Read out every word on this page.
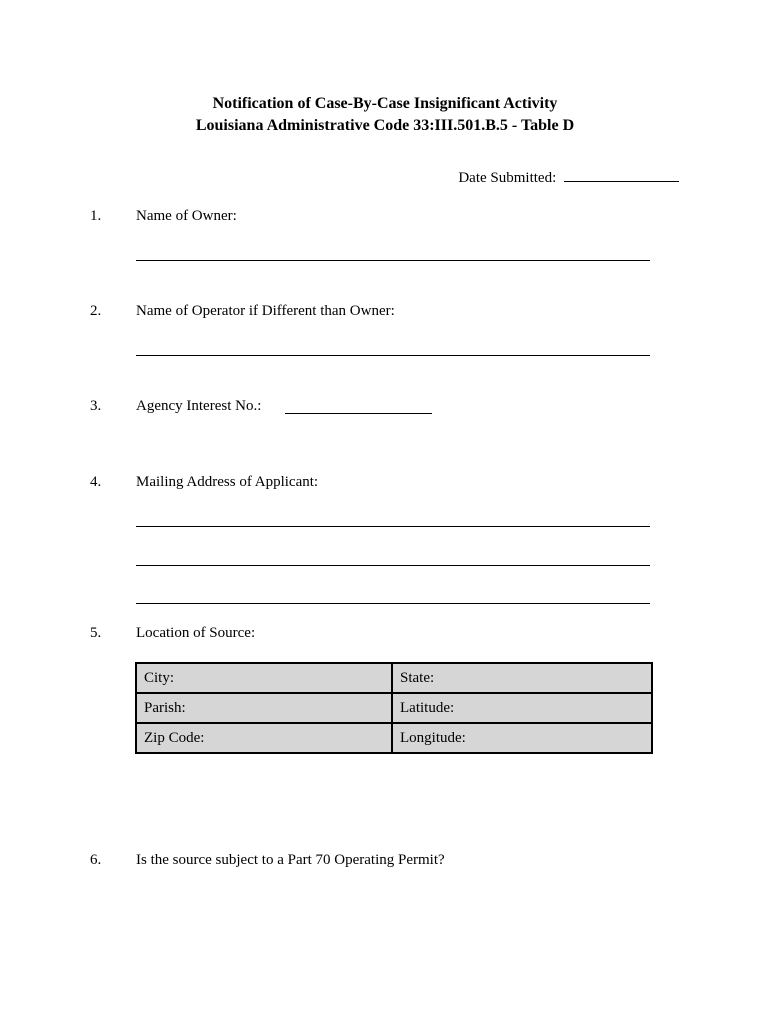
Notification of Case-By-Case Insignificant Activity
Louisiana Administrative Code 33:III.501.B.5 - Table D
Date Submitted:
1. Name of Owner:
2. Name of Operator if Different than Owner:
3. Agency Interest No.:
4. Mailing Address of Applicant:
5. Location of Source:
City:	State:
Parish:	Latitude:
Zip Code:	Longitude:
6. Is the source subject to a Part 70 Operating Permit?
